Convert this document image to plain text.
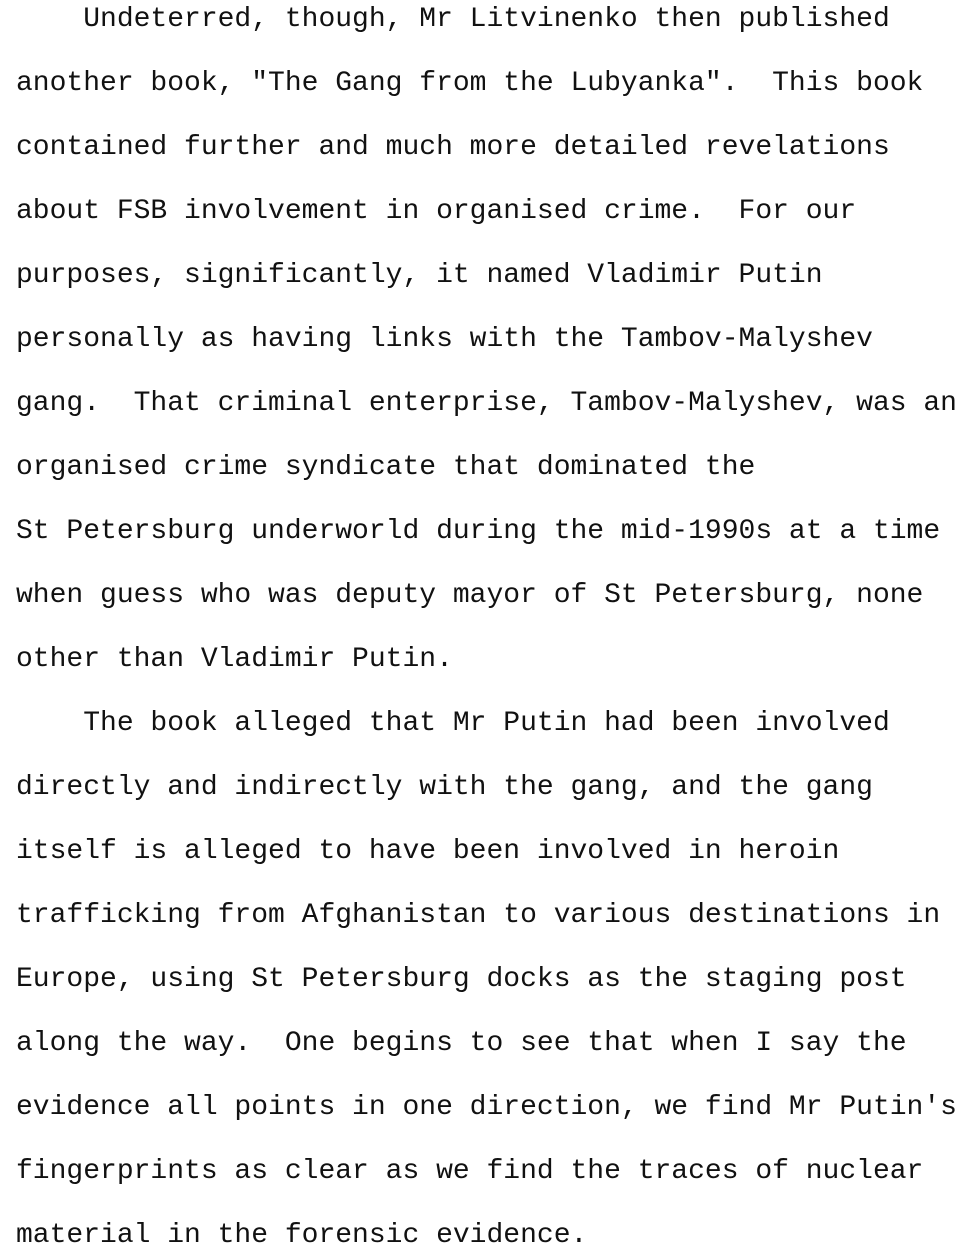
Undeterred, though, Mr Litvinenko then published
another book, "The Gang from the Lubyanka".  This book
contained further and much more detailed revelations
about FSB involvement in organised crime.  For our
purposes, significantly, it named Vladimir Putin
personally as having links with the Tambov-Malyshev
gang.  That criminal enterprise, Tambov-Malyshev, was an
organised crime syndicate that dominated the
St Petersburg underworld during the mid-1990s at a time
when guess who was deputy mayor of St Petersburg, none
other than Vladimir Putin.
The book alleged that Mr Putin had been involved
directly and indirectly with the gang, and the gang
itself is alleged to have been involved in heroin
trafficking from Afghanistan to various destinations in
Europe, using St Petersburg docks as the staging post
along the way.  One begins to see that when I say the
evidence all points in one direction, we find Mr Putin's
fingerprints as clear as we find the traces of nuclear
material in the forensic evidence.
